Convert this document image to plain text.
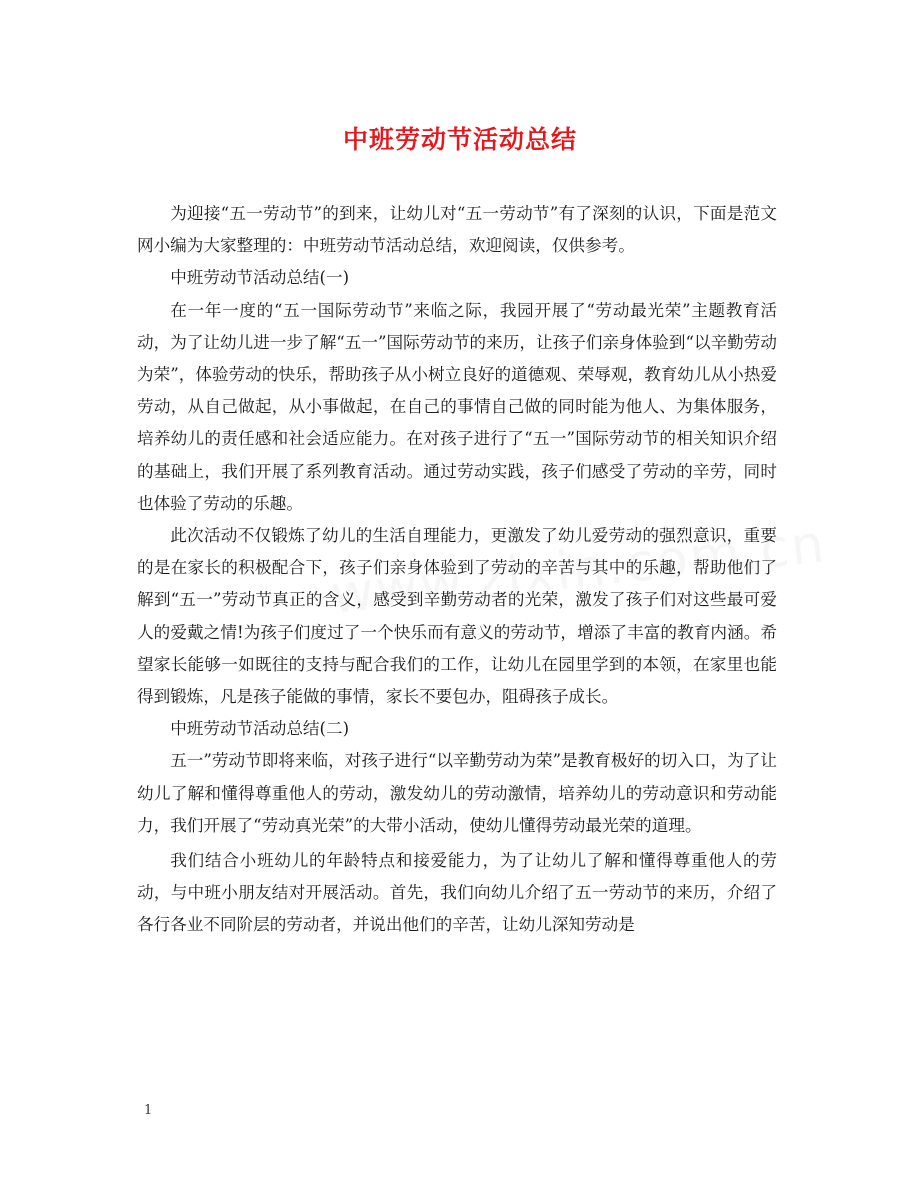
中班劳动节活动总结

为迎接“五一劳动节”的到来，让幼儿对“五一劳动节”有了深刻的认识，下面是范文网小编为大家整理的：中班劳动节活动总结，欢迎阅读，仅供参考。

中班劳动节活动总结(一)

在一年一度的“五一国际劳动节”来临之际，我园开展了“劳动最光荣”主题教育活动，为了让幼儿进一步了解“五一”国际劳动节的来历，让孩子们亲身体验到“以辛勤劳动为荣”，体验劳动的快乐，帮助孩子从小树立良好的道德观、荣辱观，教育幼儿从小热爱劳动，从自己做起，从小事做起，在自己的事情自己做的同时能为他人、为集体服务，培养幼儿的责任感和社会适应能力。在对孩子进行了“五一”国际劳动节的相关知识介绍的基础上，我们开展了系列教育活动。通过劳动实践，孩子们感受了劳动的辛劳，同时也体验了劳动的乐趣。

此次活动不仅锻炼了幼儿的生活自理能力，更激发了幼儿爱劳动的强烈意识，重要的是在家长的积极配合下，孩子们亲身体验到了劳动的辛苦与其中的乐趣，帮助他们了解到“五一”劳动节真正的含义，感受到辛勤劳动者的光荣，激发了孩子们对这些最可爱人的爱戴之情!为孩子们度过了一个快乐而有意义的劳动节，增添了丰富的教育内涵。希望家长能够一如既往的支持与配合我们的工作，让幼儿在园里学到的本领，在家里也能得到锻炼，凡是孩子能做的事情，家长不要包办，阻碍孩子成长。

中班劳动节活动总结(二)

五一”劳动节即将来临，对孩子进行“以辛勤劳动为荣”是教育极好的切入口，为了让幼儿了解和懂得尊重他人的劳动，激发幼儿的劳动激情，培养幼儿的劳动意识和劳动能力，我们开展了“劳动真光荣”的大带小活动，使幼儿懂得劳动最光荣的道理。

我们结合小班幼儿的年龄特点和接爱能力，为了让幼儿了解和懂得尊重他人的劳动，与中班小朋友结对开展活动。首先，我们向幼儿介绍了五一劳动节的来历，介绍了各行各业不同阶层的劳动者，并说出他们的辛苦，让幼儿深知劳动是

1
